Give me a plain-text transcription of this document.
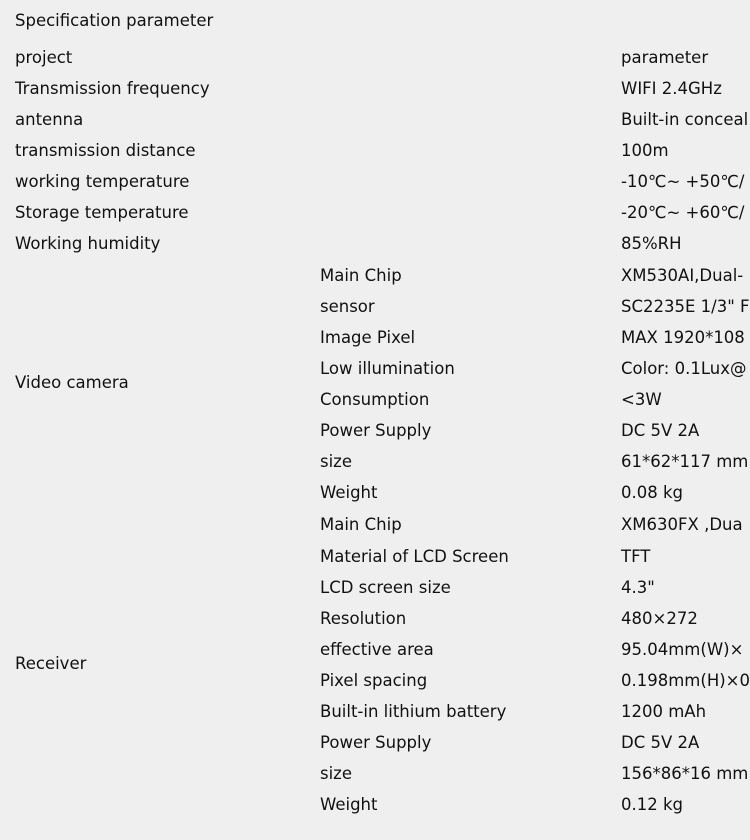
Specification parameter
project	parameter
Transmission frequency	WIFI 2.4GHz
antenna	Built-in conceal
transmission distance	100m
working temperature	-10℃~ +50℃/
Storage temperature	-20℃~ +60℃/
Working humidity	85%RH
Video camera
Main Chip	XM530AI,Dual-
sensor	SC2235E 1/3" F
Image Pixel	MAX 1920*108
Low illumination	Color: 0.1Lux@
Consumption	<3W
Power Supply	DC 5V 2A
size	61*62*117 mm
Weight	0.08 kg
Receiver
Main Chip	XM630FX ,Dua
Material of LCD Screen	TFT
LCD screen size	4.3"
Resolution	480×272
effective area	95.04mm(W)×
Pixel spacing	0.198mm(H)×0
Built-in lithium battery	1200 mAh
Power Supply	DC 5V 2A
size	156*86*16 mm
Weight	0.12 kg
